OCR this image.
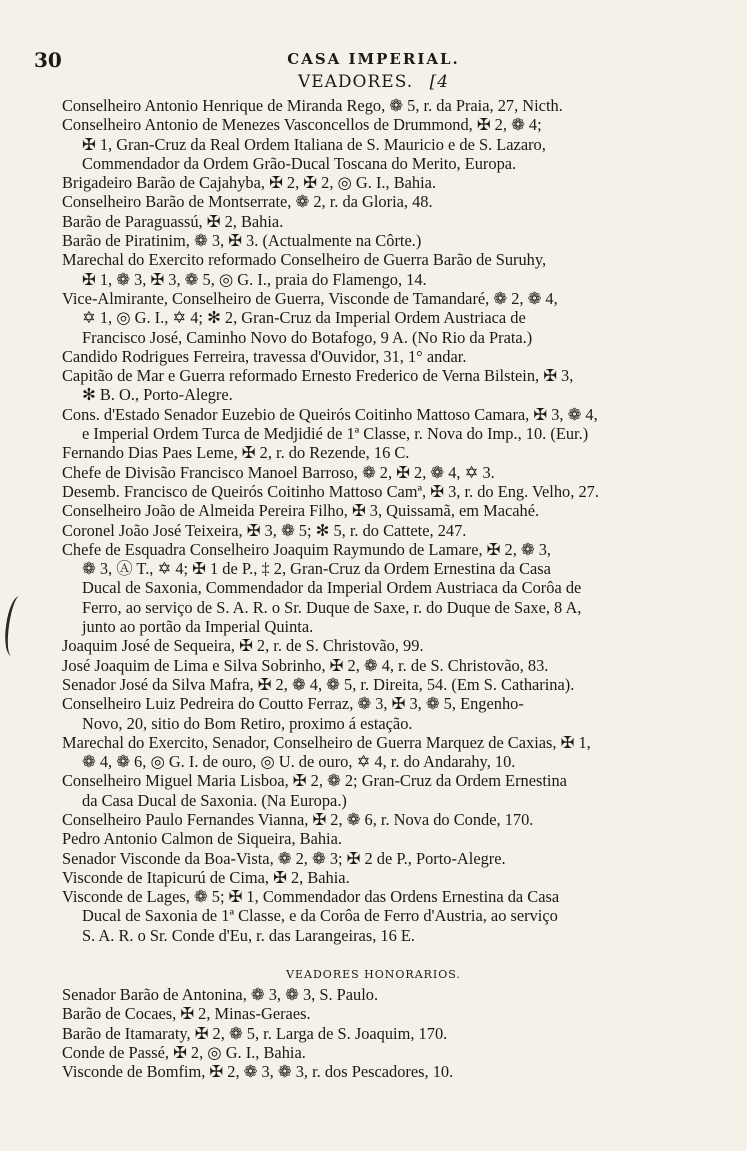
30	CASA IMPERIAL.
VEADORES. [4
Conselheiro Antonio Henrique de Miranda Rego, ❁ 5, r. da Praia, 27, Nicth.
Conselheiro Antonio de Menezes Vasconcellos de Drummond, ✠ 2, ❁ 4;
✠ 1, Gran-Cruz da Real Ordem Italiana de S. Mauricio e de S. Lazaro,
Commendador da Ordem Grão-Ducal Toscana do Merito, Europa.
Brigadeiro Barão de Cajahyba, ✠ 2, ✠ 2, ◎ G. I., Bahia.
Conselheiro Barão de Montserrate, ❁ 2, r. da Gloria, 48.
Barão de Paraguassú, ✠ 2, Bahia.
Barão de Piratinim, ❁ 3, ✠ 3. (Actualmente na Côrte.)
Marechal do Exercito reformado Conselheiro de Guerra Barão de Suruhy,
✠ 1, ❁ 3, ✠ 3, ❁ 5, ◎ G. I., praia do Flamengo, 14.
Vice-Almirante, Conselheiro de Guerra, Visconde de Tamandaré, ❁ 2, ❁ 4,
✡ 1, ◎ G. I., ✡ 4; ✻ 2, Gran-Cruz da Imperial Ordem Austriaca de
Francisco José, Caminho Novo do Botafogo, 9 A. (No Rio da Prata.)
Candido Rodrigues Ferreira, travessa d'Ouvidor, 31, 1° andar.
Capitão de Mar e Guerra reformado Ernesto Frederico de Verna Bilstein, ✠ 3,
✻ B. O., Porto-Alegre.
Cons. d'Estado Senador Euzebio de Queirós Coitinho Mattoso Camara, ✠ 3, ❁ 4,
e Imperial Ordem Turca de Medjidié de 1ª Classe, r. Nova do Imp., 10. (Eur.)
Fernando Dias Paes Leme, ✠ 2, r. do Rezende, 16 C.
Chefe de Divisão Francisco Manoel Barroso, ❁ 2, ✠ 2, ❁ 4, ✡ 3.
Desemb. Francisco de Queirós Coitinho Mattoso Camª, ✠ 3, r. do Eng. Velho, 27.
Conselheiro João de Almeida Pereira Filho, ✠ 3, Quissamã, em Macahé.
Coronel João José Teixeira, ✠ 3, ❁ 5; ✻ 5, r. do Cattete, 247.
Chefe de Esquadra Conselheiro Joaquim Raymundo de Lamare, ✠ 2, ❁ 3,
❁ 3, Ⓐ T., ✡ 4; ✠ 1 de P., ‡ 2, Gran-Cruz da Ordem Ernestina da Casa
Ducal de Saxonia, Commendador da Imperial Ordem Austriaca da Corôa de
Ferro, ao serviço de S. A. R. o Sr. Duque de Saxe, r. do Duque de Saxe, 8 A,
junto ao portão da Imperial Quinta.
Joaquim José de Sequeira, ✠ 2, r. de S. Christovão, 99.
José Joaquim de Lima e Silva Sobrinho, ✠ 2, ❁ 4, r. de S. Christovão, 83.
Senador José da Silva Mafra, ✠ 2, ❁ 4, ❁ 5, r. Direita, 54. (Em S. Catharina).
Conselheiro Luiz Pedreira do Coutto Ferraz, ❁ 3, ✠ 3, ❁ 5, Engenho-
Novo, 20, sitio do Bom Retiro, proximo á estação.
Marechal do Exercito, Senador, Conselheiro de Guerra Marquez de Caxias, ✠ 1,
❁ 4, ❁ 6, ◎ G. I. de ouro, ◎ U. de ouro, ✡ 4, r. do Andarahy, 10.
Conselheiro Miguel Maria Lisboa, ✠ 2, ❁ 2; Gran-Cruz da Ordem Ernestina
da Casa Ducal de Saxonia. (Na Europa.)
Conselheiro Paulo Fernandes Vianna, ✠ 2, ❁ 6, r. Nova do Conde, 170.
Pedro Antonio Calmon de Siqueira, Bahia.
Senador Visconde da Boa-Vista, ❁ 2, ❁ 3; ✠ 2 de P., Porto-Alegre.
Visconde de Itapicurú de Cima, ✠ 2, Bahia.
Visconde de Lages, ❁ 5; ✠ 1, Commendador das Ordens Ernestina da Casa
Ducal de Saxonia de 1ª Classe, e da Corôa de Ferro d'Austria, ao serviço
S. A. R. o Sr. Conde d'Eu, r. das Larangeiras, 16 E.
VEADORES HONORARIOS.
Senador Barão de Antonina, ❁ 3, ❁ 3, S. Paulo.
Barão de Cocaes, ✠ 2, Minas-Geraes.
Barão de Itamaraty, ✠ 2, ❁ 5, r. Larga de S. Joaquim, 170.
Conde de Passé, ✠ 2, ◎ G. I., Bahia.
Visconde de Bomfim, ✠ 2, ❁ 3, ❁ 3, r. dos Pescadores, 10.
